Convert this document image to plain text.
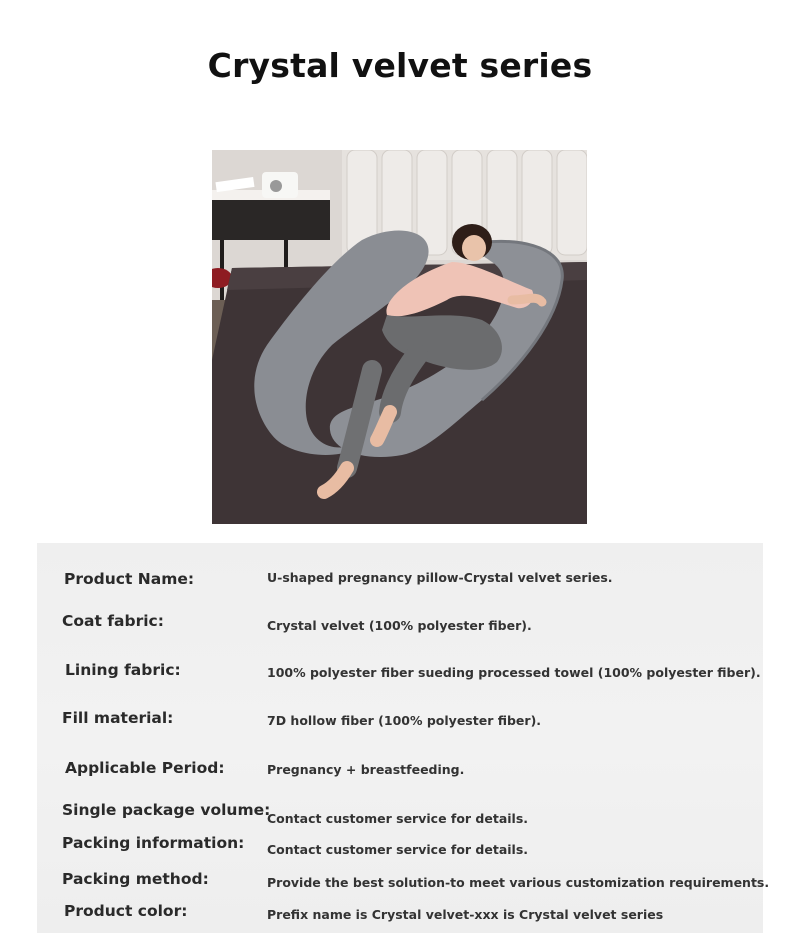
Crystal velvet series
Product Name:	U-shaped pregnancy pillow-Crystal velvet series.
Coat fabric:	Crystal velvet (100% polyester fiber).
Lining fabric:	100% polyester fiber sueding processed towel (100% polyester fiber).
Fill material:	7D hollow fiber (100% polyester fiber).
Applicable Period:	Pregnancy + breastfeeding.
Single package volume:
Contact customer service for details.
Packing information: Contact customer service for details.
Packing method:	Provide the best solution-to meet various customization requirements.
Product color:	Prefix name is Crystal velvet-xxx is Crystal velvet series
